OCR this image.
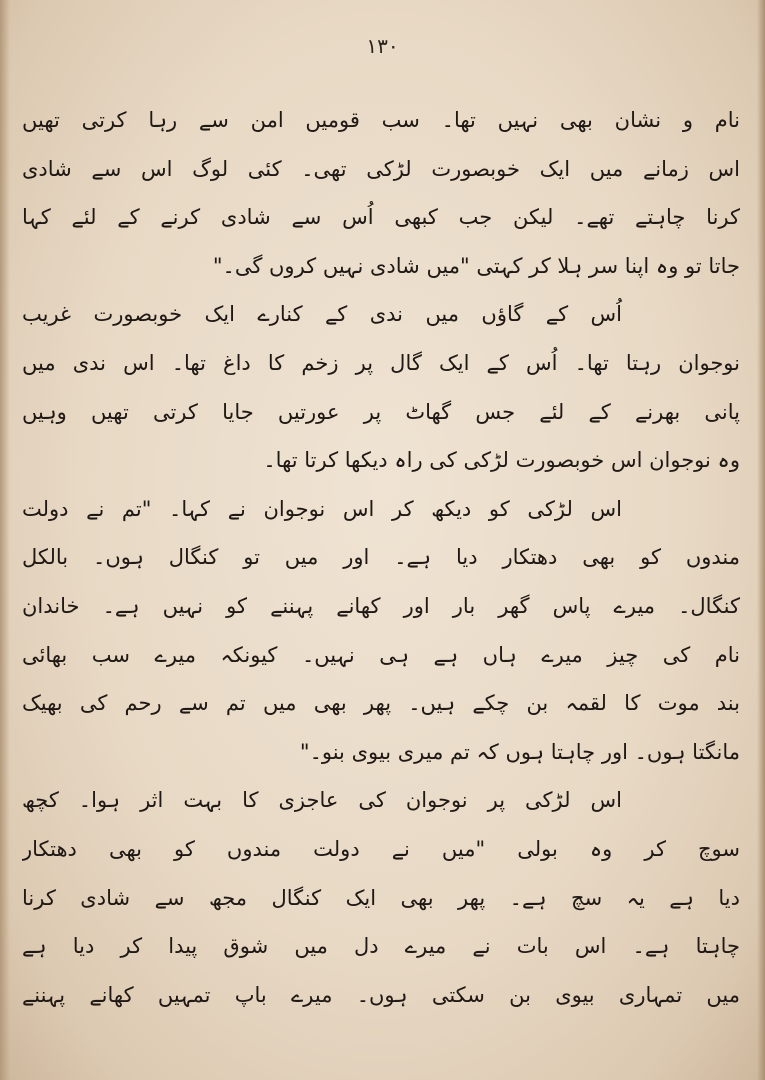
١٣٠
نام و نشان بھی نہیں تھا۔ سب قومیں امن سے رہا کرتی تھیں
اس زمانے میں ایک خوبصورت لڑکی تھی۔ کئی لوگ اس سے شادی
کرنا چاہتے تھے۔ لیکن جب کبھی اُس سے شادی کرنے کے لئے کہا
جاتا تو وہ اپنا سر ہلا کر کہتی "میں شادی نہیں کروں گی۔"
اُس کے گاؤں میں ندی کے کنارے ایک خوبصورت غریب
نوجوان رہتا تھا۔ اُس کے ایک گال پر زخم کا داغ تھا۔ اس ندی میں
پانی بھرنے کے لئے جس گھاٹ پر عورتیں جایا کرتی تھیں وہیں
وہ نوجوان اس خوبصورت لڑکی کی راہ دیکھا کرتا تھا۔
اس لڑکی کو دیکھ کر اس نوجوان نے کہا۔ "تم نے دولت
مندوں کو بھی دھتکار دیا ہے۔ اور میں تو کنگال ہوں۔ بالکل
کنگال۔ میرے پاس گھر بار اور کھانے پہننے کو نہیں ہے۔ خاندان
نام کی چیز میرے ہاں ہے ہی نہیں۔ کیونکہ میرے سب بھائی
بند موت کا لقمہ بن چکے ہیں۔ پھر بھی میں تم سے رحم کی بھیک
مانگتا ہوں۔ اور چاہتا ہوں کہ تم میری بیوی بنو۔"
اس لڑکی پر نوجوان کی عاجزی کا بہت اثر ہوا۔ کچھ
سوچ کر وہ بولی "میں نے دولت مندوں کو بھی دھتکار
دیا ہے یہ سچ ہے۔ پھر بھی ایک کنگال مجھ سے شادی کرنا
چاہتا ہے۔ اس بات نے میرے دل میں شوق پیدا کر دیا ہے
میں تمہاری بیوی بن سکتی ہوں۔ میرے باپ تمہیں کھانے پہننے
